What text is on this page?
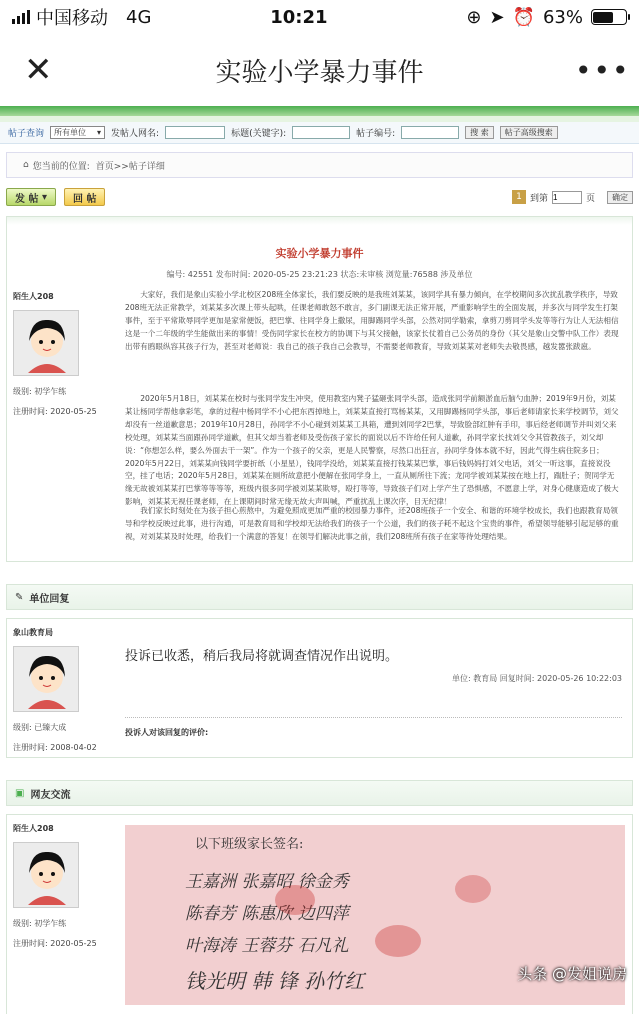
中国移动 4G	10:21	⊕ ➤ ⏰ 63%
✕	实验小学暴力事件	•••
帖子查询 所有单位 ▾ 发帖人网名:	标题(关键字):	帖子编号:	搜 索	帖子高级搜索
⌂ 您当前的位置: 首页>>帖子详细
发 帖 ▾	回 帖	1 到第
1	页	确定
实验小学暴力事件
编号: 42551 发布时间: 2020-05-25 23:21:23 状态:未审核 浏览量:76588 涉及单位
陌生人208
级别: 初学乍练
注册时间: 2020-05-25

大家好，我们是象山实验小学北校区208班全体家长，我们要反映的是我班刘某某，该同学具有暴力倾向，在学校期间多次扰乱教学秩序，导致208班无法正常教学，刘某某多次课上带头起哄，任课老师敢怒不敢言，多门副课无法正常开展，严重影响学生的全面发展，并多次与同学发生打架事件，至于平常欺辱同学更加是家常便饭，把巴掌、往同学身上撒尿，用脚踢同学头部，公然对同学勒索，拿剪刀剪同学头发等等行为让人无法相信这是一个二年级的学生能做出来的事情！受伤同学家长在校方的协调下与其父接触，该家长仗着自己公务员的身份（其父是象山交警中队工作）表现出带有鸥眼纵容其孩子行为，甚至对老师说：我自己的孩子我自己会教导，不需要老师教育，导致刘某某对老师失去敬畏感，越发嚣张跋扈。

2020年5月18日，刘某某在校时与张同学发生冲突，使用教室内凳子猛砸张同学头部，造成张同学前额淤血后脑勺血肿；2019年9月份，刘某某让杨同学帮他拿彩笔，拿的过程中杨同学不小心把东西掉地上，刘某某直接打骂杨某某，又用脚踢杨同学头部，事后老师请家长来学校调节，刘父却没有一丝道歉意思；2019年10月28日，孙同学不小心碰到刘某某工具箱，遭到刘同学2巴掌，导致脸部红肿有手印，事后经老师调节并叫刘父来校处理，刘某某当面跟孙同学道歉，但其父却当着老师及受伤孩子家长的面说以后不许给任何人道歉，孙同学家长找刘父令其管教孩子，刘父却说：“你想怎么样，要么外面去干一架”。作为一个孩子的父亲，更是人民警察，尽然口出狂言，孙同学身体本就不好，因此气得生病住院多日；2020年5月22日，刘某某向钱同学要折纸（小星星），钱同学没给，刘某某直接打钱某某巴掌，事后钱妈妈打刘父电话，刘父一听这事，直接说没空，挂了电话；2020年5月28日，刘某某在厕所故意把小便解在张同学身上，一直从厕所往下流；龙同学被刘某某按在地上打，踹肚子；贺同学无缘无故被刘某某打巴掌等等等等，班级内很多同学被刘某某欺辱，殴打等等，导致孩子们对上学产生了恐惧感，不愿意上学，对身心健康造成了极大影响，刘某某无视任课老师，在上课期间时常无缘无故大声叫喊，严重扰乱上课次序，目无纪律！

我们家长时刻处在为孩子担心煎熬中，为避免照成更加严重的校园暴力事件，还208班孩子一个安全、和谐的环境学校成长，我们也跟教育局领导和学校反映过此事，进行沟通，可是教育局和学校却无法给我们的孩子一个公道，我们的孩子耗不起这个宝贵的事件，希望领导能够引起足够的重视，对刘某某及时处理，给我们一个满意的答复！在领导们解决此事之前，我们208班所有孩子在家等待处理结果。

✎ 单位回复
象山教育局
级别: 已臻大成
注册时间: 2008-04-02
投诉已收悉，稍后我局将就调查情况作出说明。
单位: 教育局 回复时间: 2020-05-26 10:22:03
投诉人对该回复的评价:
▣ 网友交流
陌生人208
级别: 初学乍练
注册时间: 2020-05-25
以下班级家长签名:
王嘉洲 张嘉昭 徐金秀
陈春芳 陈惠欣 边四萍
叶海涛 王蓉芬 石凡礼
钱光明 韩 锋 孙竹红	头条 @发姐说房
